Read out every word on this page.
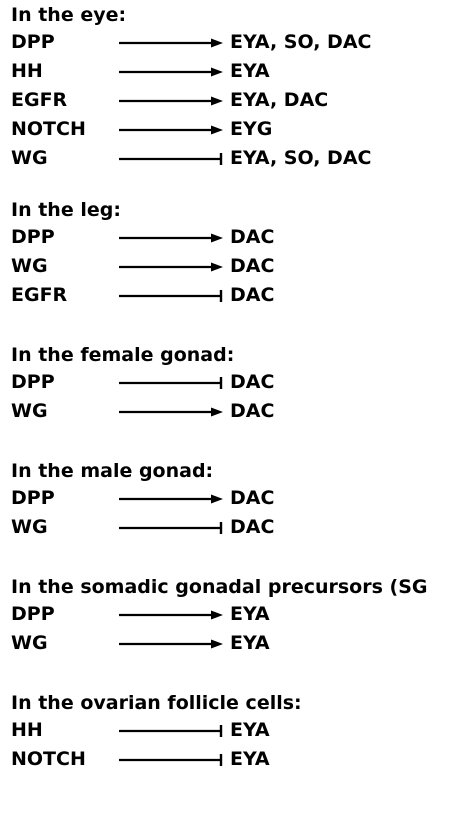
In the eye:
DPP	EYA, SO, DAC
HH	EYA
EGFR	EYA, DAC
NOTCH	EYG
WG	EYA, SO, DAC
In the leg:
DPP	DAC
WG	DAC
EGFR	DAC
In the female gonad:
DPP	DAC
WG	DAC
In the male gonad:
DPP	DAC
WG	DAC
In the somadic gonadal precursors (SG
DPP	EYA
WG	EYA
In the ovarian follicle cells:
HH	EYA
NOTCH	EYA
